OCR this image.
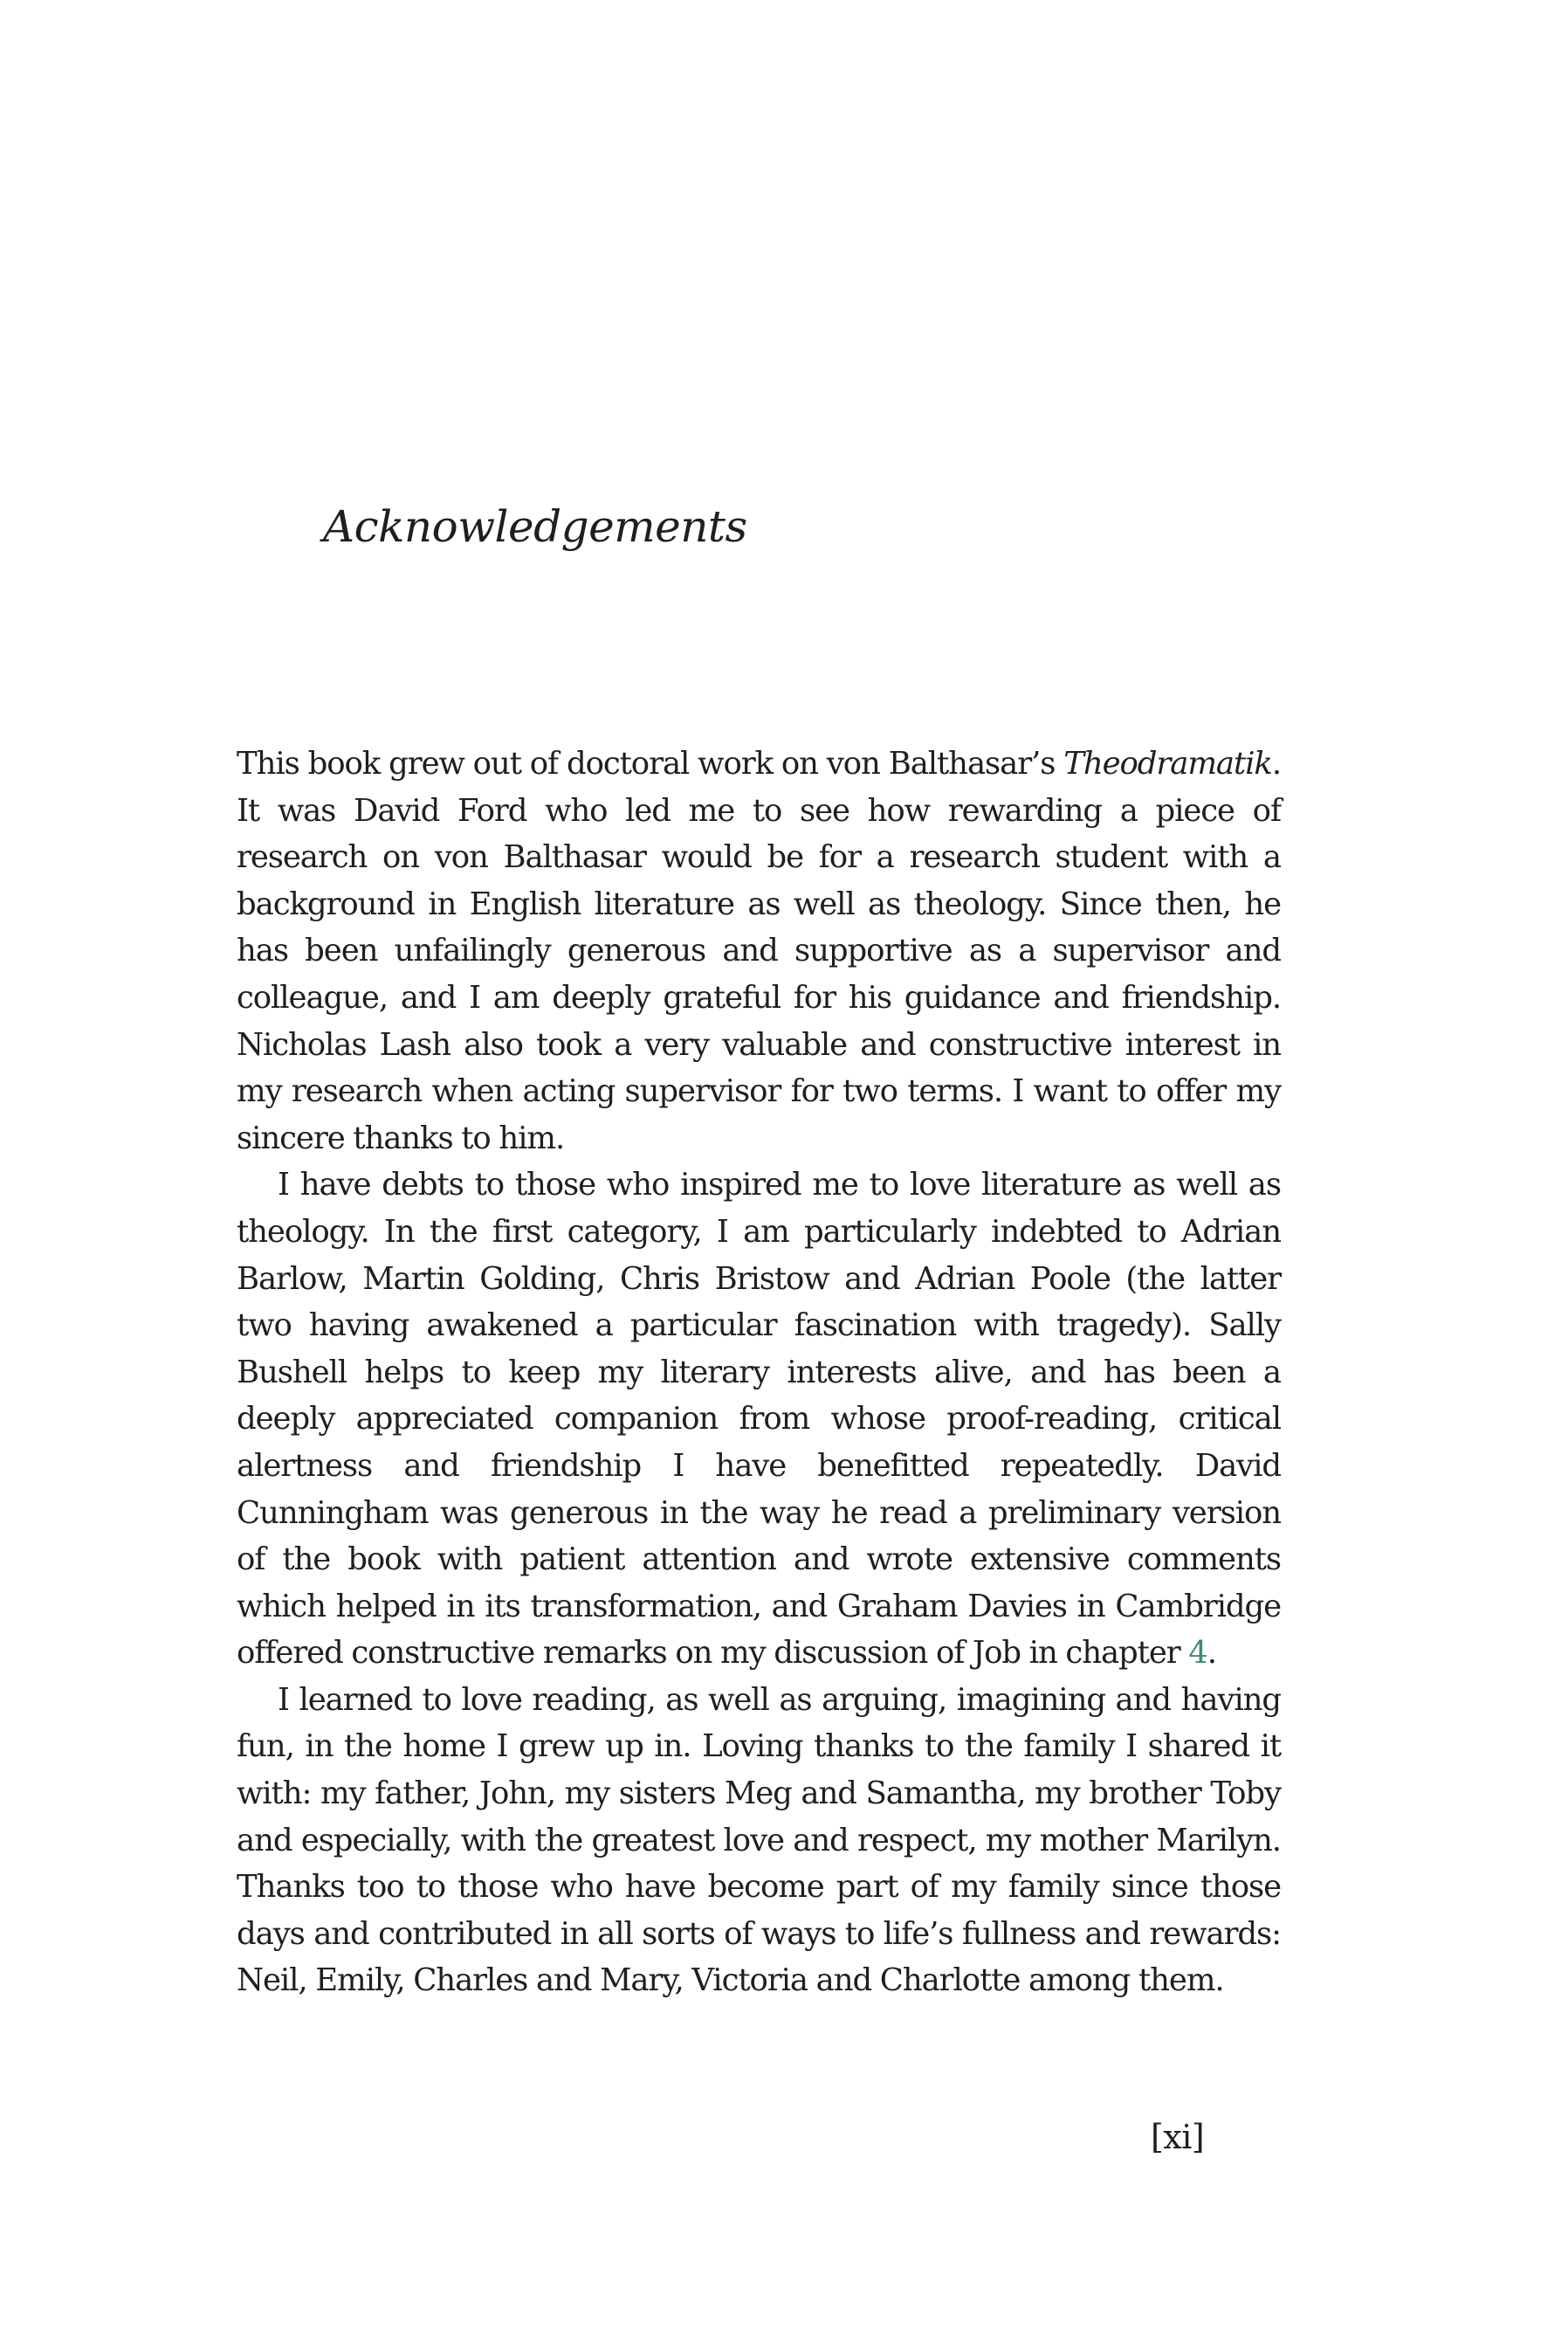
Acknowledgements

This book grew out of doctoral work on von Balthasar’s Theodramatik. It was David Ford who led me to see how rewarding a piece of research on von Balthasar would be for a research student with a background in English literature as well as theology. Since then, he has been unfailingly generous and supportive as a supervisor and colleague, and I am deeply grateful for his guidance and friendship. Nicholas Lash also took a very valuable and constructive interest in my research when acting supervisor for two terms. I want to offer my sincere thanks to him.

I have debts to those who inspired me to love literature as well as theology. In the first category, I am particularly indebted to Adrian Barlow, Martin Golding, Chris Bristow and Adrian Poole (the latter two having awakened a particular fascination with tragedy). Sally Bushell helps to keep my literary interests alive, and has been a deeply appreciated companion from whose proof-reading, critical alertness and friendship I have benefitted repeatedly. David Cunningham was generous in the way he read a preliminary version of the book with patient attention and wrote extensive comments which helped in its transformation, and Graham Davies in Cambridge offered constructive remarks on my discussion of Job in chapter 4.

I learned to love reading, as well as arguing, imagining and having fun, in the home I grew up in. Loving thanks to the family I shared it with: my father, John, my sisters Meg and Samantha, my brother Toby and especially, with the greatest love and respect, my mother Marilyn. Thanks too to those who have become part of my family since those days and contributed in all sorts of ways to life’s fullness and rewards: Neil, Emily, Charles and Mary, Victoria and Charlotte among them.

[xi]
